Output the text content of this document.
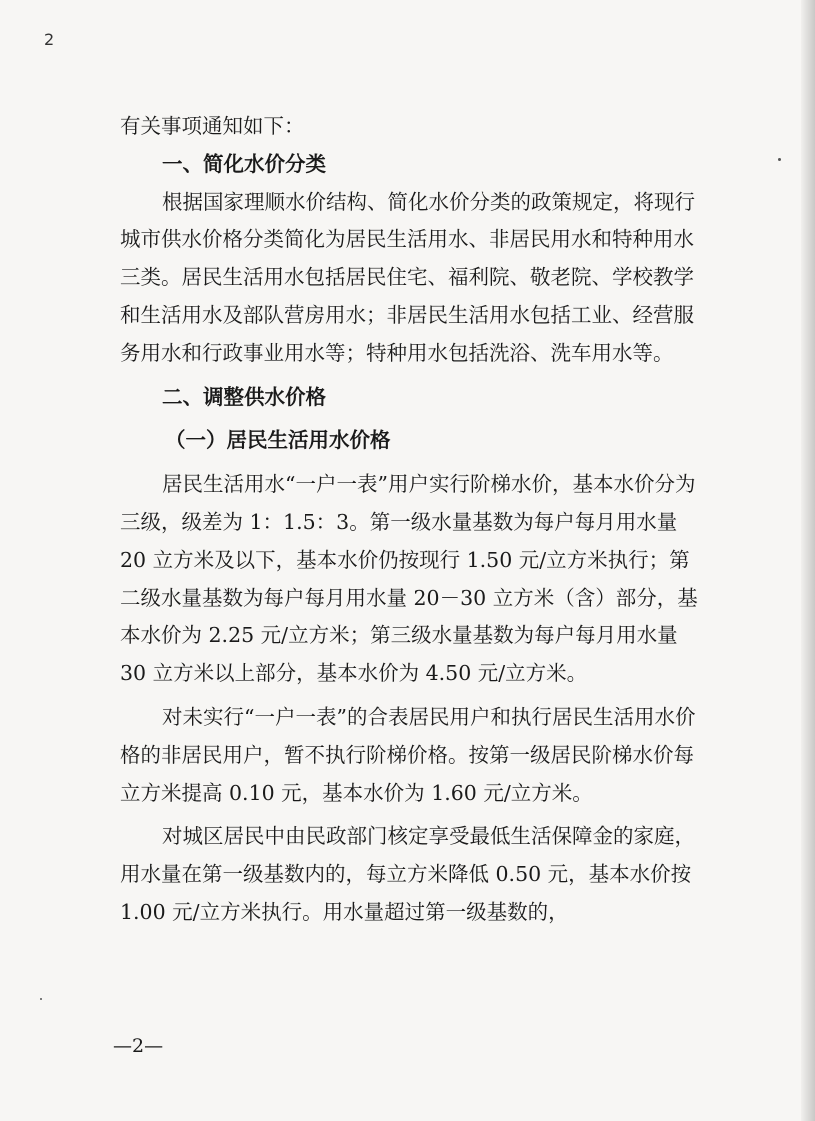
2

有关事项通知如下：

一、简化水价分类

根据国家理顺水价结构、简化水价分类的政策规定，将现行城市供水价格分类简化为居民生活用水、非居民用水和特种用水三类。居民生活用水包括居民住宅、福利院、敬老院、学校教学和生活用水及部队营房用水；非居民生活用水包括工业、经营服务用水和行政事业用水等；特种用水包括洗浴、洗车用水等。

二、调整供水价格

（一）居民生活用水价格

居民生活用水“一户一表”用户实行阶梯水价，基本水价分为三级，级差为 1：1.5：3。第一级水量基数为每户每月用水量 20 立方米及以下，基本水价仍按现行 1.50 元/立方米执行；第二级水量基数为每户每月用水量 20－30 立方米（含）部分，基本水价为 2.25 元/立方米；第三级水量基数为每户每月用水量 30 立方米以上部分，基本水价为 4.50 元/立方米。

对未实行“一户一表”的合表居民用户和执行居民生活用水价格的非居民用户，暂不执行阶梯价格。按第一级居民阶梯水价每立方米提高 0.10 元，基本水价为 1.60 元/立方米。

对城区居民中由民政部门核定享受最低生活保障金的家庭，用水量在第一级基数内的，每立方米降低 0.50 元，基本水价按 1.00 元/立方米执行。用水量超过第一级基数的，

—2—
